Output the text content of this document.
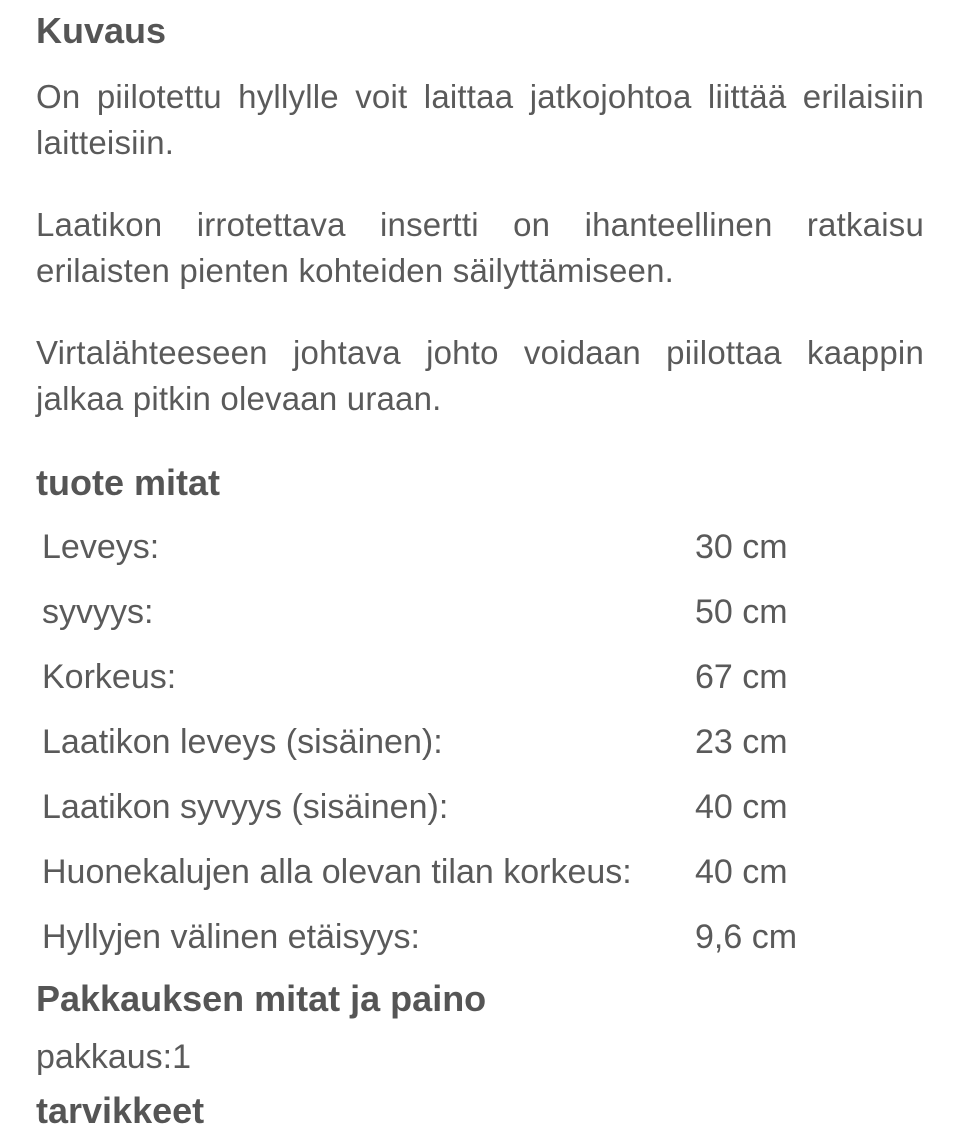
Kuvaus

On piilotettu hyllylle voit laittaa jatkojohtoa liittää erilaisiin laitteisiin.

Laatikon irrotettava insertti on ihanteellinen ratkaisu erilaisten pienten kohteiden säilyttämiseen.

Virtalähteeseen johtava johto voidaan piilottaa kaappin jalkaa pitkin olevaan uraan.

tuote mitat
Leveys:	30 cm
syvyys:	50 cm
Korkeus:	67 cm
Laatikon leveys (sisäinen):	23 cm
Laatikon syvyys (sisäinen):	40 cm
Huonekalujen alla olevan tilan korkeus: 40 cm
Hyllyjen välinen etäisyys:	9,6 cm
Pakkauksen mitat ja paino

pakkaus:1

tarvikkeet
